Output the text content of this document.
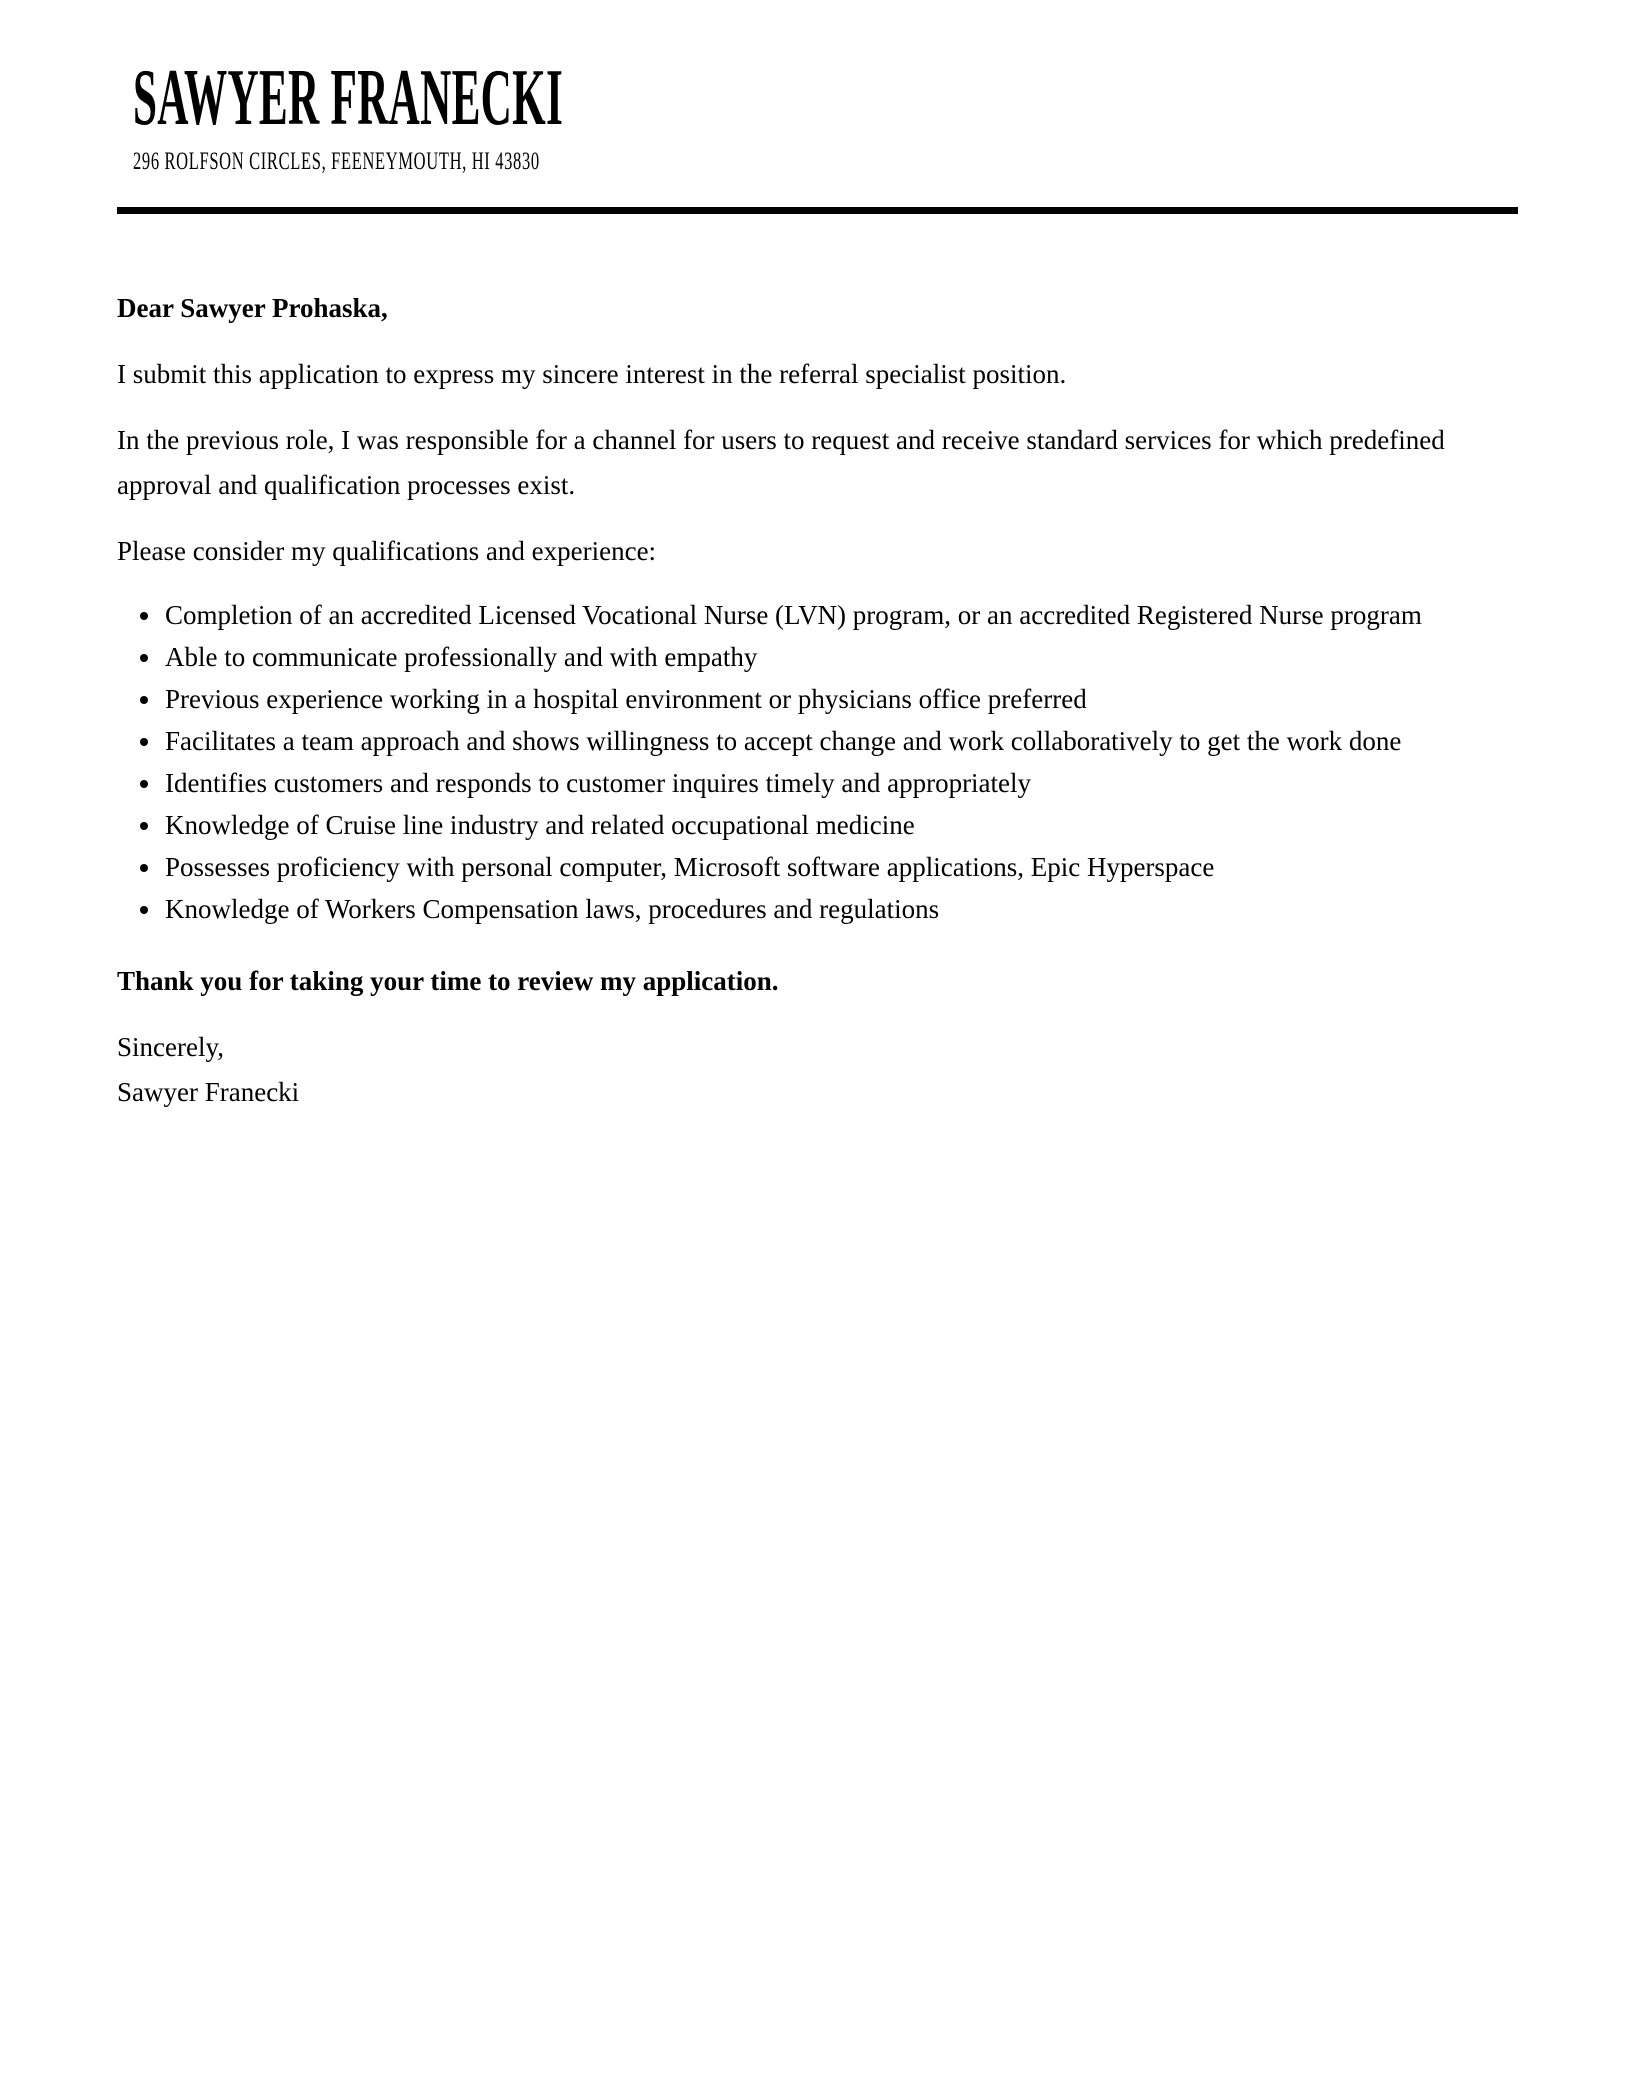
SAWYER FRANECKI
296 ROLFSON CIRCLES, FEENEYMOUTH, HI 43830

Dear Sawyer Prohaska,

I submit this application to express my sincere interest in the referral specialist position.

In the previous role, I was responsible for a channel for users to request and receive standard services for which predefined approval and qualification processes exist.

Please consider my qualifications and experience:

• Completion of an accredited Licensed Vocational Nurse (LVN) program, or an accredited Registered Nurse program
• Able to communicate professionally and with empathy
• Previous experience working in a hospital environment or physicians office preferred
• Facilitates a team approach and shows willingness to accept change and work collaboratively to get the work done
• Identifies customers and responds to customer inquires timely and appropriately
• Knowledge of Cruise line industry and related occupational medicine
• Possesses proficiency with personal computer, Microsoft software applications, Epic Hyperspace
• Knowledge of Workers Compensation laws, procedures and regulations

Thank you for taking your time to review my application.

Sincerely,
Sawyer Franecki
